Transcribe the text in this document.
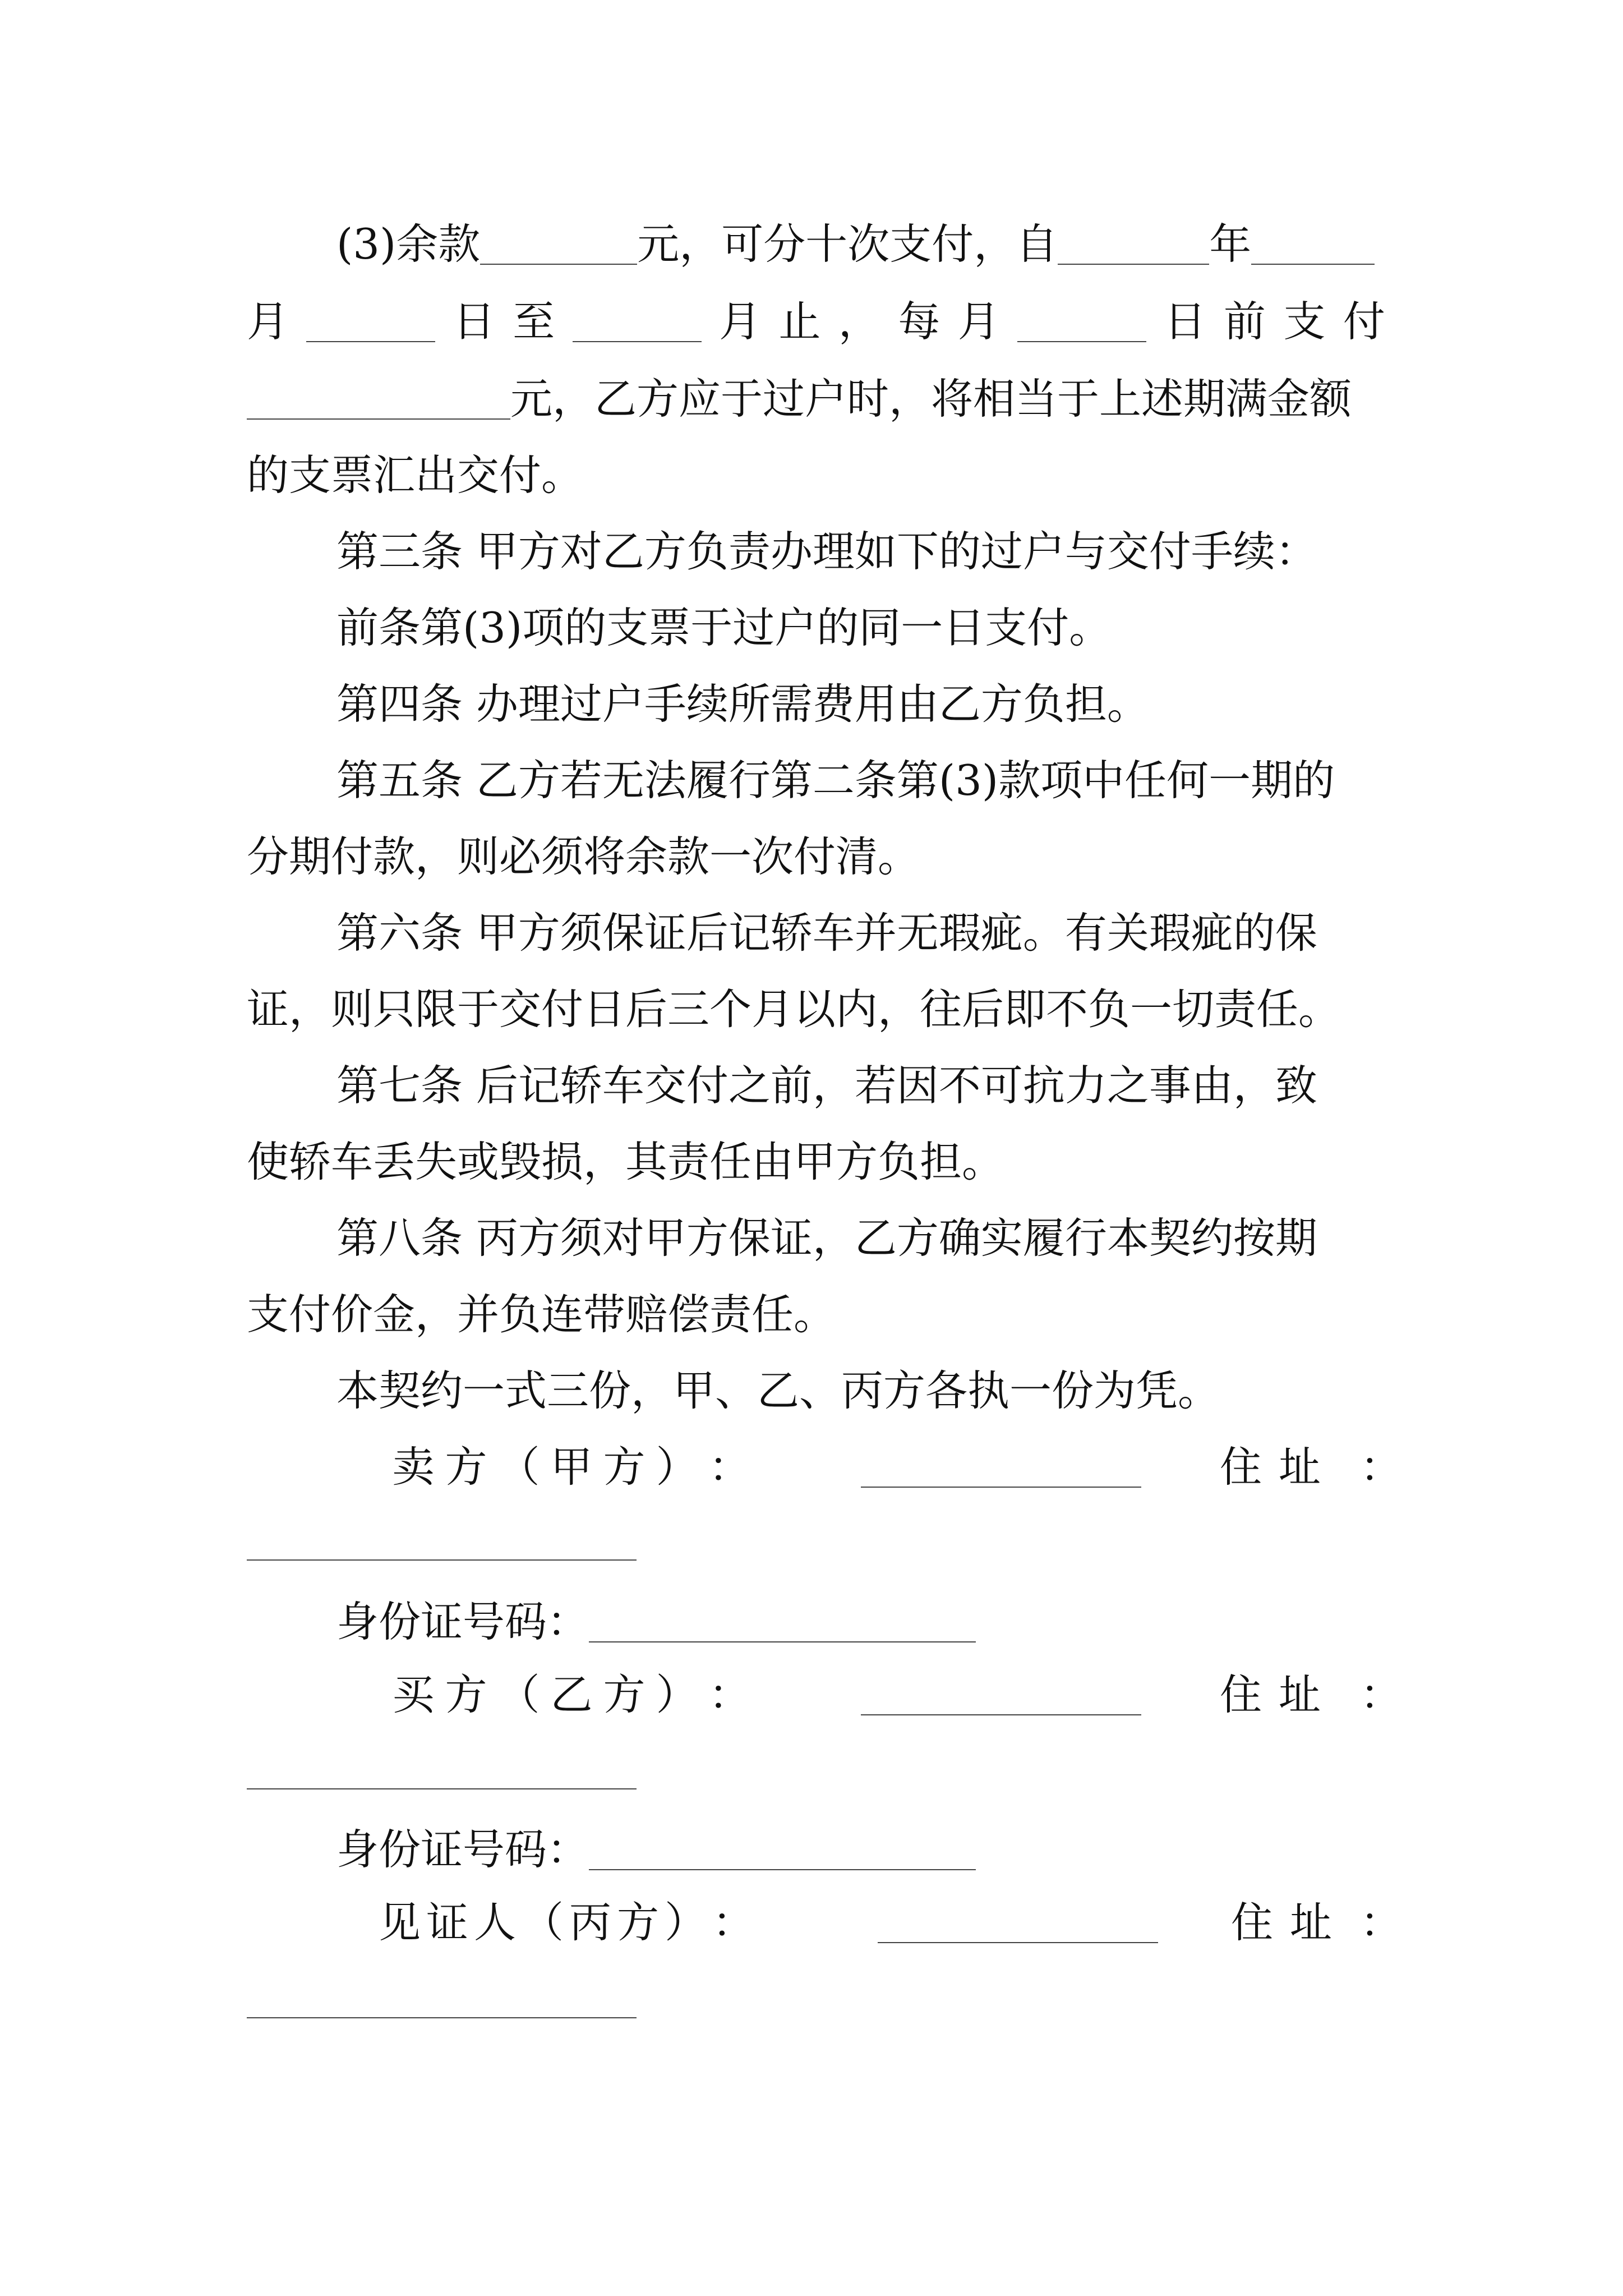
(3)余款	元，可分十次支付，自	年
月	日 至	月 止 ， 每 月	日 前 支 付
元，乙方应于过户时，将相当于上述期满金额
的支票汇出交付。
第三条 甲方对乙方负责办理如下的过户与交付手续：
前条第(3)项的支票于过户的同一日支付。
第四条 办理过户手续所需费用由乙方负担。
第五条 乙方若无法履行第二条第(3)款项中任何一期的
分期付款，则必须将余款一次付清。
第六条 甲方须保证后记轿车并无瑕疵。有关瑕疵的保
证，则只限于交付日后三个月以内，往后即不负一切责任。
第七条 后记轿车交付之前，若因不可抗力之事由，致
使轿车丢失或毁损，其责任由甲方负担。
第八条 丙方须对甲方保证，乙方确实履行本契约按期
支付价金，并负连带赔偿责任。
本契约一式三份，甲、乙、丙方各执一份为凭。
卖 方 （ 甲 方 ） ：	住 址 ：
身份证号码：
买 方 （ 乙 方 ） ：	住 址 ：
身份证号码：
见 证 人 （ 丙 方 ） ：	住 址 ：
